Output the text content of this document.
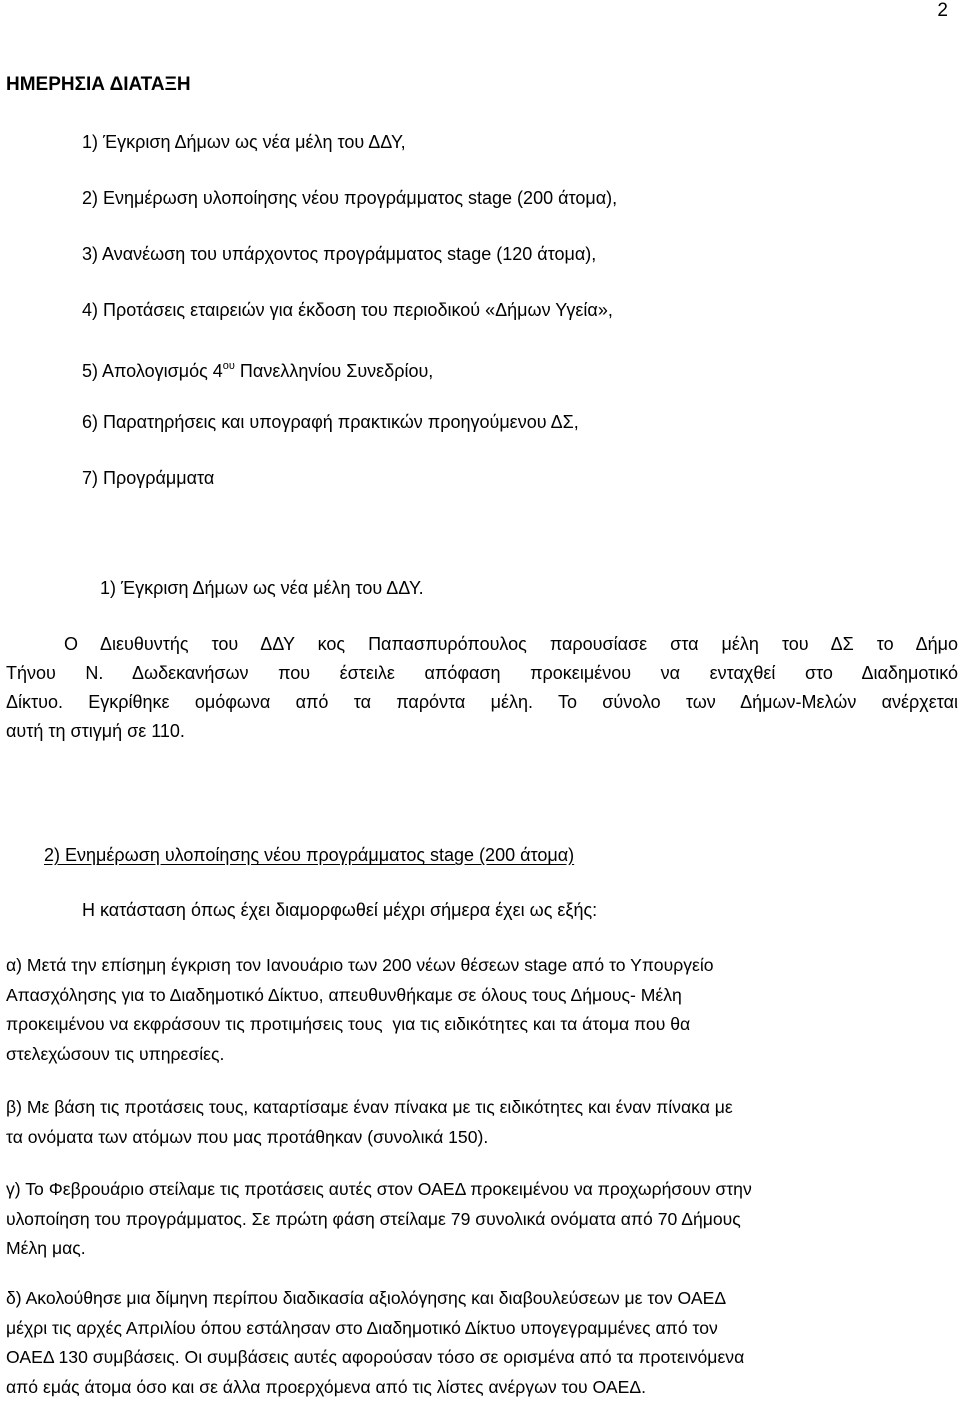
2
ΗΜΕΡΗΣΙΑ ΔΙΑΤΑΞΗ
1) Έγκριση Δήμων ως νέα μέλη του ΔΔΥ,
2) Ενημέρωση υλοποίησης νέου προγράμματος stage (200 άτομα),
3) Ανανέωση του υπάρχοντος προγράμματος stage (120 άτομα),
4) Προτάσεις εταιρειών για έκδοση του περιοδικού «Δήμων Υγεία»,
5) Απολογισμός $4^{o\upsilon}$ Πανελληνίου Συνεδρίου,
6) Παρατηρήσεις και υπογραφή πρακτικών προηγούμενου ΔΣ,
7) Προγράμματα
1) Έγκριση Δήμων ως νέα μέλη του ΔΔΥ.

Ο Διευθυντής του ΔΔΥ κος Παπασπυρόπουλος παρουσίασε στα μέλη του ΔΣ το Δήμο
Τήνου Ν. Δωδεκανήσων που έστειλε απόφαση προκειμένου να ενταχθεί στο Διαδημοτικό
Δίκτυο. Εγκρίθηκε ομόφωνα από τα παρόντα μέλη. Το σύνολο των Δήμων-Μελών ανέρχεται
αυτή τη στιγμή σε 110.

2) Ενημέρωση υλοποίησης νέου προγράμματος stage (200 άτομα)
Η κατάσταση όπως έχει διαμορφωθεί μέχρι σήμερα έχει ως εξής:

α) Μετά την επίσημη έγκριση τον Ιανουάριο των 200 νέων θέσεων stage από το Υπουργείο
Απασχόλησης για το Διαδημοτικό Δίκτυο, απευθυνθήκαμε σε όλους τους Δήμους- Μέλη
προκειμένου να εκφράσουν τις προτιμήσεις τους  για τις ειδικότητες και τα άτομα που θα
στελεχώσουν τις υπηρεσίες.

β) Με βάση τις προτάσεις τους, καταρτίσαμε έναν πίνακα με τις ειδικότητες και έναν πίνακα με
τα ονόματα των ατόμων που μας προτάθηκαν (συνολικά 150).

γ) Το Φεβρουάριο στείλαμε τις προτάσεις αυτές στον ΟΑΕΔ προκειμένου να προχωρήσουν στην
υλοποίηση του προγράμματος. Σε πρώτη φάση στείλαμε 79 συνολικά ονόματα από 70 Δήμους
Μέλη μας.

δ) Ακολούθησε μια δίμηνη περίπου διαδικασία αξιολόγησης και διαβουλεύσεων με τον ΟΑΕΔ
μέχρι τις αρχές Απριλίου όπου εστάλησαν στο Διαδημοτικό Δίκτυο υπογεγραμμένες από τον
ΟΑΕΔ 130 συμβάσεις. Οι συμβάσεις αυτές αφορούσαν τόσο σε ορισμένα από τα προτεινόμενα
από εμάς άτομα όσο και σε άλλα προερχόμενα από τις λίστες ανέργων του ΟΑΕΔ.
